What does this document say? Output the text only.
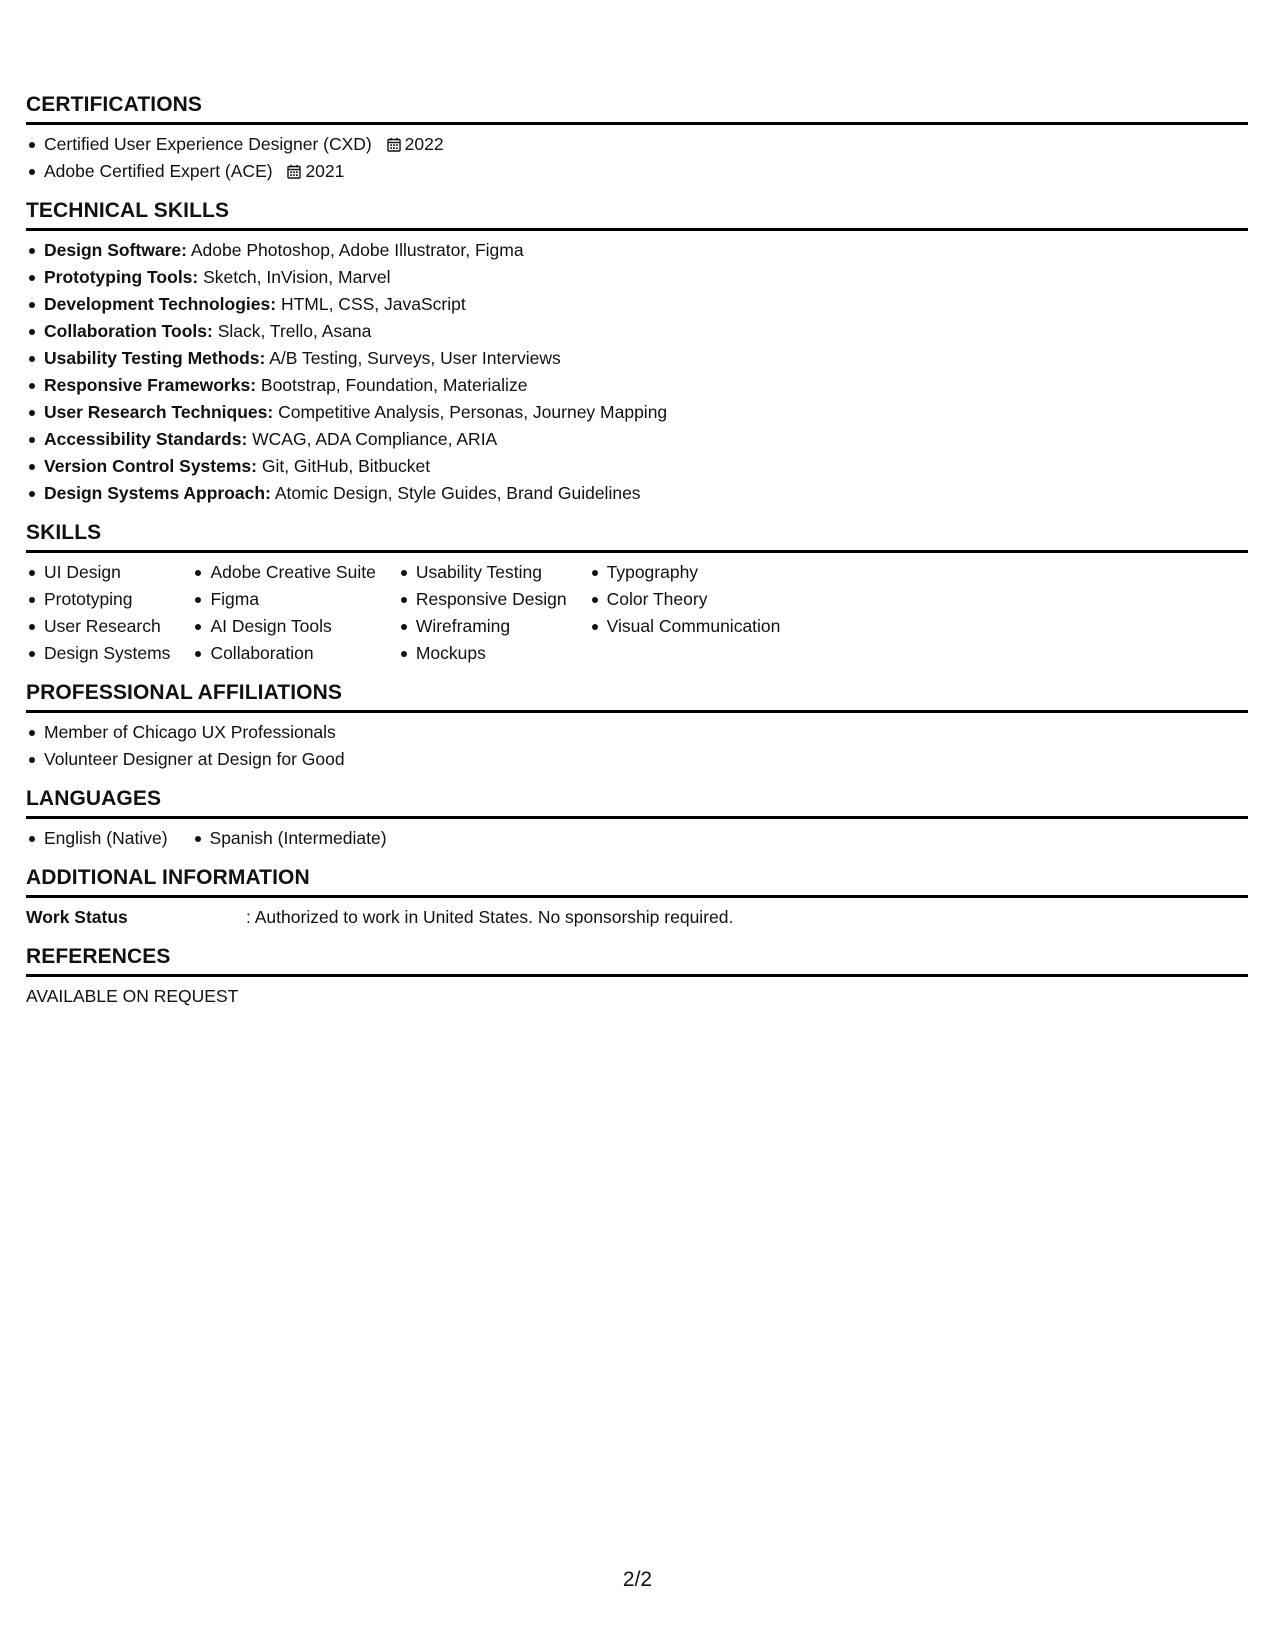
CERTIFICATIONS
Certified User Experience Designer (CXD) 2022
Adobe Certified Expert (ACE) 2021
TECHNICAL SKILLS
Design Software: Adobe Photoshop, Adobe Illustrator, Figma
Prototyping Tools: Sketch, InVision, Marvel
Development Technologies: HTML, CSS, JavaScript
Collaboration Tools: Slack, Trello, Asana
Usability Testing Methods: A/B Testing, Surveys, User Interviews
Responsive Frameworks: Bootstrap, Foundation, Materialize
User Research Techniques: Competitive Analysis, Personas, Journey Mapping
Accessibility Standards: WCAG, ADA Compliance, ARIA
Version Control Systems: Git, GitHub, Bitbucket
Design Systems Approach: Atomic Design, Style Guides, Brand Guidelines
SKILLS
UI Design
Prototyping
User Research
Design Systems
Adobe Creative Suite
Figma
AI Design Tools
Collaboration
Usability Testing
Responsive Design
Wireframing
Mockups
Typography
Color Theory
Visual Communication
PROFESSIONAL AFFILIATIONS
Member of Chicago UX Professionals
Volunteer Designer at Design for Good
LANGUAGES
English (Native)	Spanish (Intermediate)
ADDITIONAL INFORMATION
Work Status	: Authorized to work in United States. No sponsorship required.
REFERENCES
AVAILABLE ON REQUEST
2/2
